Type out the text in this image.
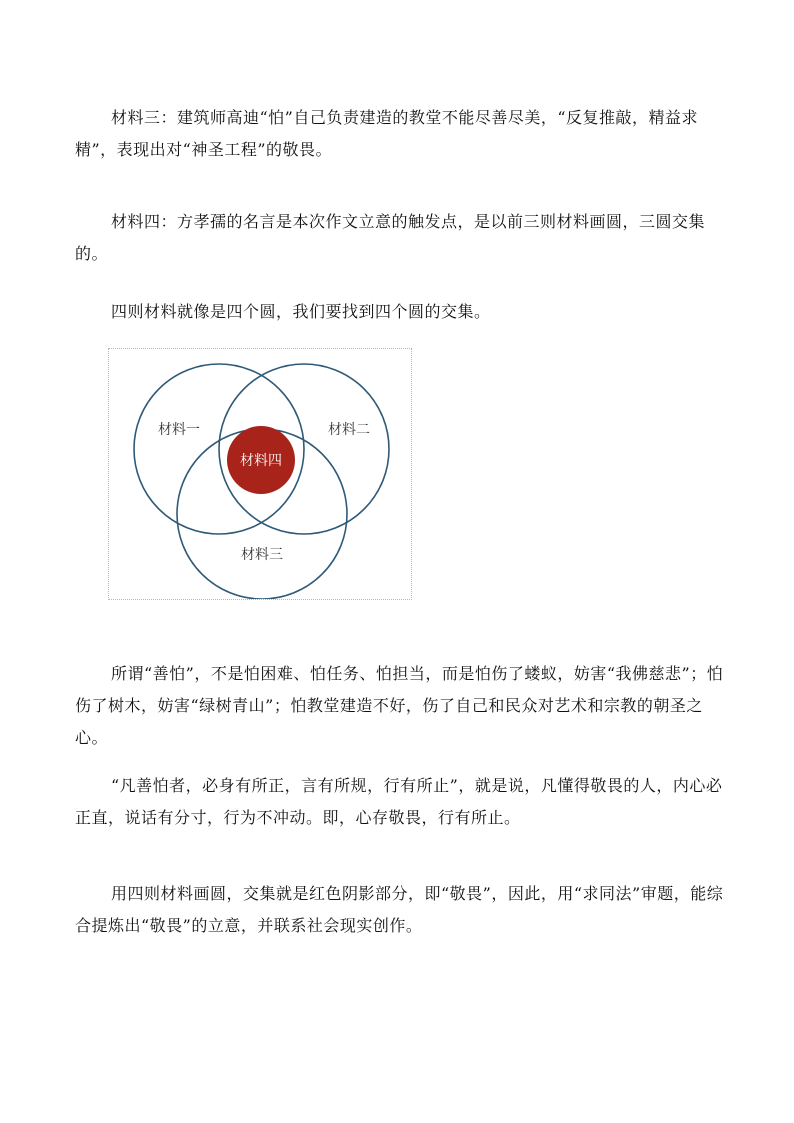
材料三：建筑师高迪“怕”自己负责建造的教堂不能尽善尽美，“反复推敲，精益求精”，表现出对“神圣工程”的敬畏。

材料四：方孝孺的名言是本次作文立意的触发点，是以前三则材料画圆，三圆交集的。

四则材料就像是四个圆，我们要找到四个圆的交集。

材料一	材料二
材料三
材料四

所谓“善怕”，不是怕困难、怕任务、怕担当，而是怕伤了蝼蚁，妨害“我佛慈悲”；怕伤了树木，妨害“绿树青山”；怕教堂建造不好，伤了自己和民众对艺术和宗教的朝圣之心。

“凡善怕者，必身有所正，言有所规，行有所止”，就是说，凡懂得敬畏的人，内心必正直，说话有分寸，行为不冲动。即，心存敬畏，行有所止。

用四则材料画圆，交集就是红色阴影部分，即“敬畏”，因此，用“求同法”审题，能综合提炼出“敬畏”的立意，并联系社会现实创作。
